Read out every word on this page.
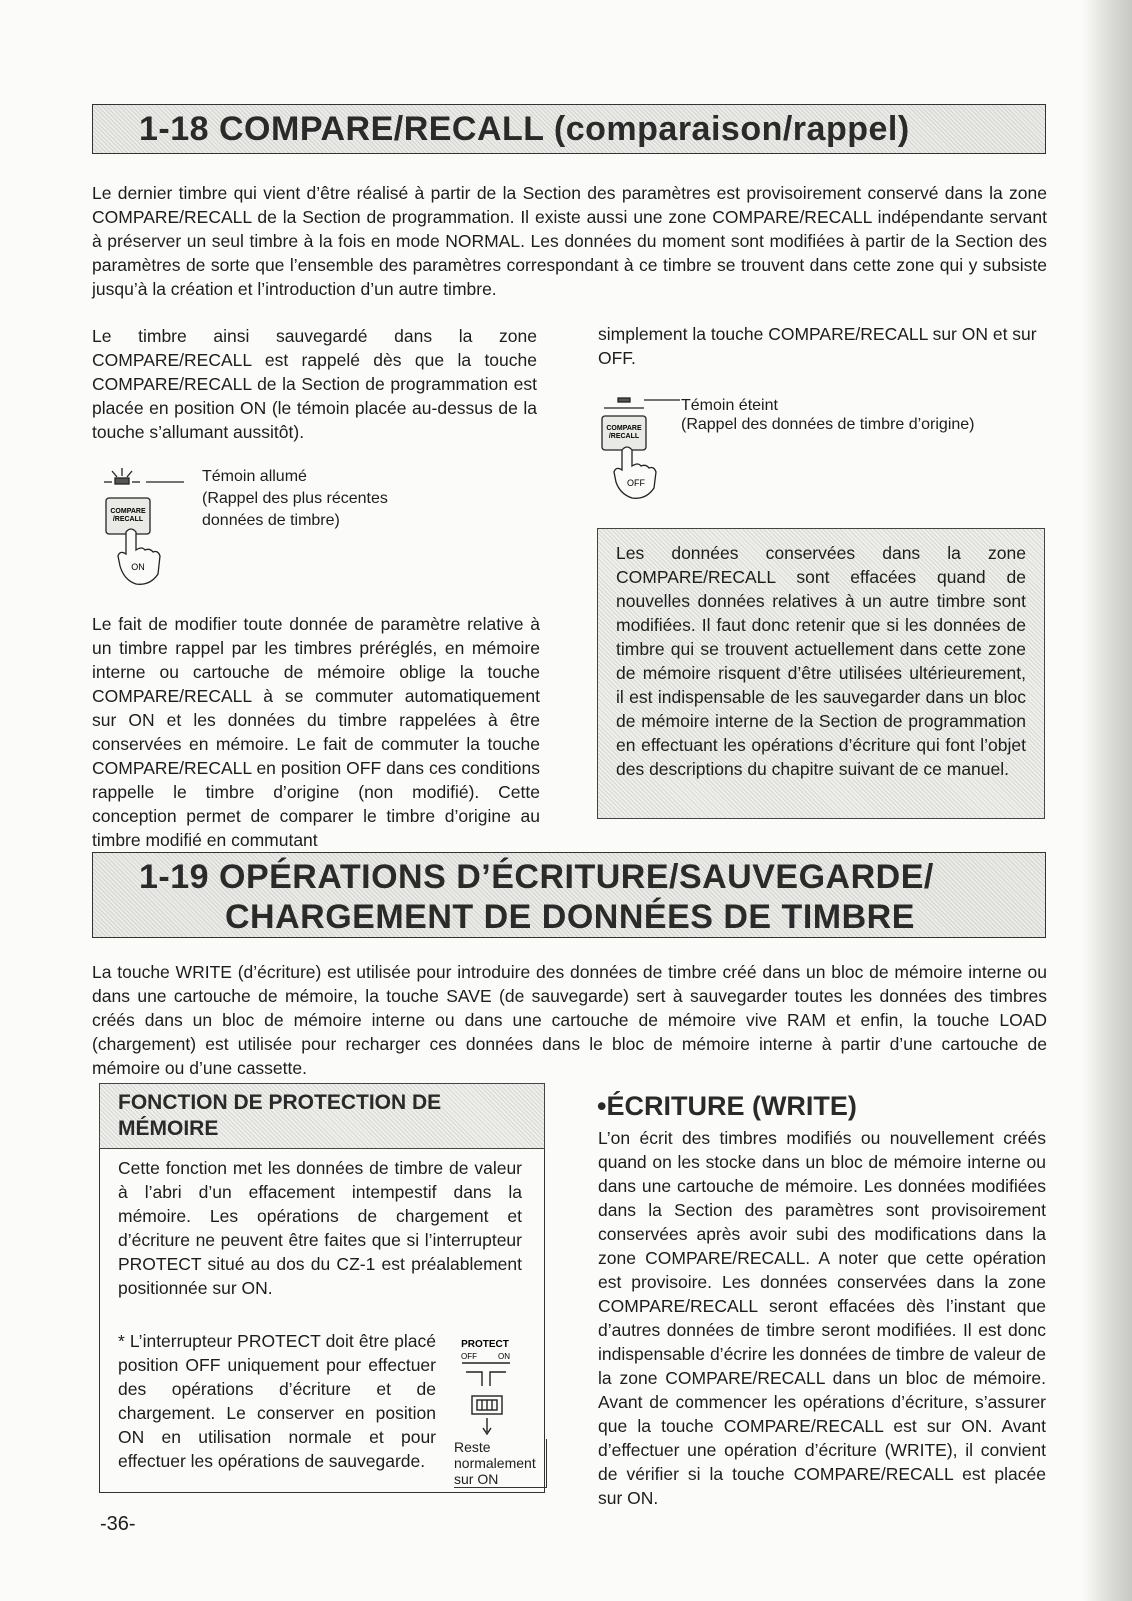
1-18 COMPARE/RECALL (comparaison/rappel)

Le dernier timbre qui vient d’être réalisé à partir de la Section des paramètres est provisoirement conservé dans la zone COMPARE/RECALL de la Section de programmation. Il existe aussi une zone COMPARE/RECALL indépendante servant à préserver un seul timbre à la fois en mode NORMAL. Les données du moment sont modifiées à partir de la Section des paramètres de sorte que l’ensemble des paramètres correspondant à ce timbre se trouvent dans cette zone qui y subsiste jusqu’à la création et l’introduction d’un autre timbre.

Le timbre ainsi sauvegardé dans la zone COMPARE/RECALL est rappelé dès que la touche COMPARE/RECALL de la Section de programmation est placée en position ON (le témoin placée au-dessus de la touche s’allumant aussitôt).

COMPARE
/RECALL
ON

Témoin allumé

(Rappel des plus récentes données de timbre)

Le fait de modifier toute donnée de paramètre relative à un timbre rappel par les timbres préréglés, en mémoire interne ou cartouche de mémoire oblige la touche COMPARE/RECALL à se commuter automatiquement sur ON et les données du timbre rappelées à être conservées en mémoire. Le fait de commuter la touche COMPARE/RECALL en position OFF dans ces conditions rappelle le timbre d’origine (non modifié). Cette conception permet de comparer le timbre d’origine au timbre modifié en commutant

simplement la touche COMPARE/RECALL sur ON et sur OFF.

COMPARE
/RECALL
OFF

Témoin éteint

(Rappel des données de timbre d’origine)

Les données conservées dans la zone COMPARE/RECALL sont effacées quand de nouvelles données relatives à un autre timbre sont modifiées. Il faut donc retenir que si les données de timbre qui se trouvent actuellement dans cette zone de mémoire risquent d’être utilisées ultérieurement, il est indispensable de les sauvegarder dans un bloc de mémoire interne de la Section de programmation en effectuant les opérations d’écriture qui font l’objet des descriptions du chapitre suivant de ce manuel.

1-19 OPÉRATIONS D’ÉCRITURE/SAUVEGARDE/
CHARGEMENT DE DONNÉES DE TIMBRE

La touche WRITE (d’écriture) est utilisée pour introduire des données de timbre créé dans un bloc de mémoire interne ou dans une cartouche de mémoire, la touche SAVE (de sauvegarde) sert à sauvegarder toutes les données des timbres créés dans un bloc de mémoire interne ou dans une cartouche de mémoire vive RAM et enfin, la touche LOAD (chargement) est utilisée pour recharger ces données dans le bloc de mémoire interne à partir d’une cartouche de mémoire ou d’une cassette.

FONCTION DE PROTECTION DE
MÉMOIRE

Cette fonction met les données de timbre de valeur à l’abri d’un effacement intempestif dans la mémoire. Les opérations de chargement et d’écriture ne peuvent être faites que si l’interrupteur PROTECT situé au dos du CZ-1 est préalablement positionnée sur ON.

* L’interrupteur PROTECT doit être placé position OFF uniquement pour effectuer des opérations d’écriture et de chargement. Le conserver en position ON en utilisation normale et pour effectuer les opérations de sauvegarde.

PROTECT
OFF	ON
Reste
normalement
sur ON
•ÉCRITURE (WRITE)

L’on écrit des timbres modifiés ou nouvellement créés quand on les stocke dans un bloc de mémoire interne ou dans une cartouche de mémoire. Les données modifiées dans la Section des paramètres sont provisoirement conservées après avoir subi des modifications dans la zone COMPARE/RECALL. A noter que cette opération est provisoire. Les données conservées dans la zone COMPARE/RECALL seront effacées dès l’instant que d’autres données de timbre seront modifiées. Il est donc indispensable d’écrire les données de timbre de valeur de la zone COMPARE/RECALL dans un bloc de mémoire. Avant de commencer les opérations d’écriture, s’assurer que la touche COMPARE/RECALL est sur ON. Avant d’effectuer une opération d’écriture (WRITE), il convient de vérifier si la touche COMPARE/RECALL est placée sur ON.

-36-
